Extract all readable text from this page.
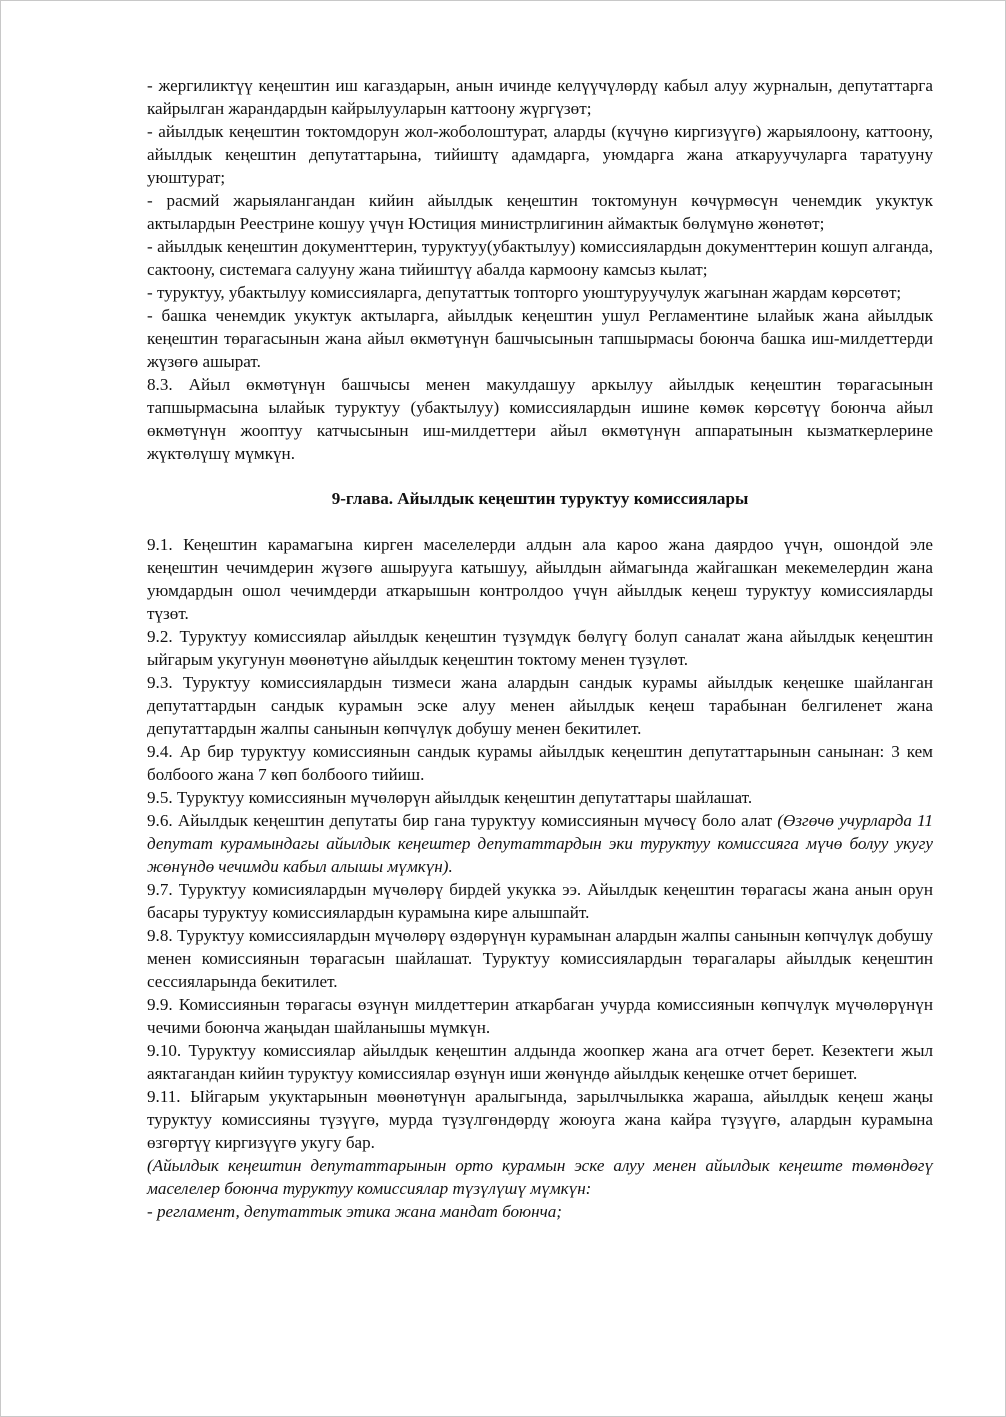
- жергиликтүү кеңештин иш кагаздарын, анын ичинде келүүчүлөрдү кабыл алуу журналын, депутаттарга кайрылган жарандардын кайрылууларын каттоону жүргүзөт;

- айылдык кеңештин токтомдорун жол-жоболоштурат, аларды (күчүнө киргизүүгө) жарыялоону, каттоону, айылдык кеңештин депутаттарына, тийиштү адамдарга, уюмдарга жана аткаруучуларга таратууну уюштурат;

- расмий жарыялангандан кийин айылдык кеңештин токтомунун көчүрмөсүн ченемдик укуктук актылардын Реестрине кошуу үчүн Юстиция министрлигинин аймактык бөлүмүнө жөнөтөт;

- айылдык кеңештин документтерин, туруктуу(убактылуу) комиссиялардын документтерин кошуп алганда, сактоону, системага салууну жана тийиштүү абалда кармоону камсыз кылат;

- туруктуу, убактылуу комиссияларга, депутаттык топторго уюштуруучулук жагынан жардам көрсөтөт;

- башка ченемдик укуктук актыларга, айылдык кеңештин ушул Регламентине ылайык жана айылдык кеңештин төрагасынын жана айыл өкмөтүнүн башчысынын тапшырмасы боюнча башка иш-милдеттерди жүзөгө ашырат.

8.3. Айыл өкмөтүнүн башчысы менен макулдашуу аркылуу айылдык кеңештин төрагасынын тапшырмасына ылайык туруктуу (убактылуу) комиссиялардын ишине көмөк көрсөтүү боюнча айыл өкмөтүнүн жооптуу катчысынын иш-милдеттери айыл өкмөтүнүн аппаратынын кызматкерлерине жүктөлүшү мүмкүн.

9-глава. Айылдык кеңештин туруктуу комиссиялары

9.1. Кеңештин карамагына кирген маселелерди алдын ала кароо жана даярдоо үчүн, ошондой эле кеңештин чечимдерин жүзөгө ашырууга катышуу, айылдын аймагында жайгашкан мекемелердин жана уюмдардын ошол чечимдерди аткарышын контролдоо үчүн айылдык кеңеш туруктуу комиссияларды түзөт.

9.2. Туруктуу комиссиялар айылдык кеңештин түзүмдүк бөлүгү болуп саналат жана айылдык кеңештин ыйгарым укугунун мөөнөтүнө айылдык кеңештин токтому менен түзүлөт.

9.3. Туруктуу комиссиялардын тизмеси жана алардын сандык курамы айылдык кеңешке шайланган депутаттардын сандык курамын эске алуу менен айылдык кеңеш тарабынан белгиленет жана депутаттардын жалпы санынын көпчүлүк добушу менен бекитилет.

9.4. Ар бир туруктуу комиссиянын сандык курамы айылдык кеңештин депутаттарынын санынан: 3 кем болбоого жана 7 көп болбоого тийиш.

9.5. Туруктуу комиссиянын мүчөлөрүн айылдык кеңештин депутаттары шайлашат.

9.6. Айылдык кеңештин депутаты бир гана туруктуу комиссиянын мүчөсү боло алат (Өзгөчө учурларда 11 депутат курамындагы айылдык кеңештер депутаттардын эки туруктуу комиссияга мүчө болуу укугу жөнүндө чечимди кабыл алышы мүмкүн).

9.7. Туруктуу комисиялардын мүчөлөрү бирдей укукка ээ. Айылдык кеңештин төрагасы жана анын орун басары туруктуу комиссиялардын курамына кире алышпайт.

9.8. Туруктуу комиссиялардын мүчөлөрү өздөрүнүн курамынан алардын жалпы санынын көпчүлүк добушу менен комиссиянын төрагасын шайлашат. Туруктуу комиссиялардын төрагалары айылдык кеңештин сессияларында бекитилет.

9.9. Комиссиянын төрагасы өзүнүн милдеттерин аткарбаган учурда комиссиянын көпчүлүк мүчөлөрүнүн чечими боюнча жаңыдан шайланышы мүмкүн.

9.10. Туруктуу комиссиялар айылдык кеңештин алдында жоопкер жана ага отчет берет. Кезектеги жыл аяктагандан кийин туруктуу комиссиялар өзүнүн иши жөнүндө айылдык кеңешке отчет беришет.

9.11. Ыйгарым укуктарынын мөөнөтүнүн аралыгында, зарылчылыкка жараша, айылдык кеңеш жаңы туруктуу комиссияны түзүүгө, мурда түзүлгөндөрдү жоюуга жана кайра түзүүгө, алардын курамына өзгөртүү киргизүүгө укугу бар.

(Айылдык кеңештин депутаттарынын орто курамын эске алуу менен айылдык кеңеште төмөндөгү маселелер боюнча туруктуу комиссиялар түзүлүшү мүмкүн:

- регламент, депутаттык этика жана мандат боюнча;
